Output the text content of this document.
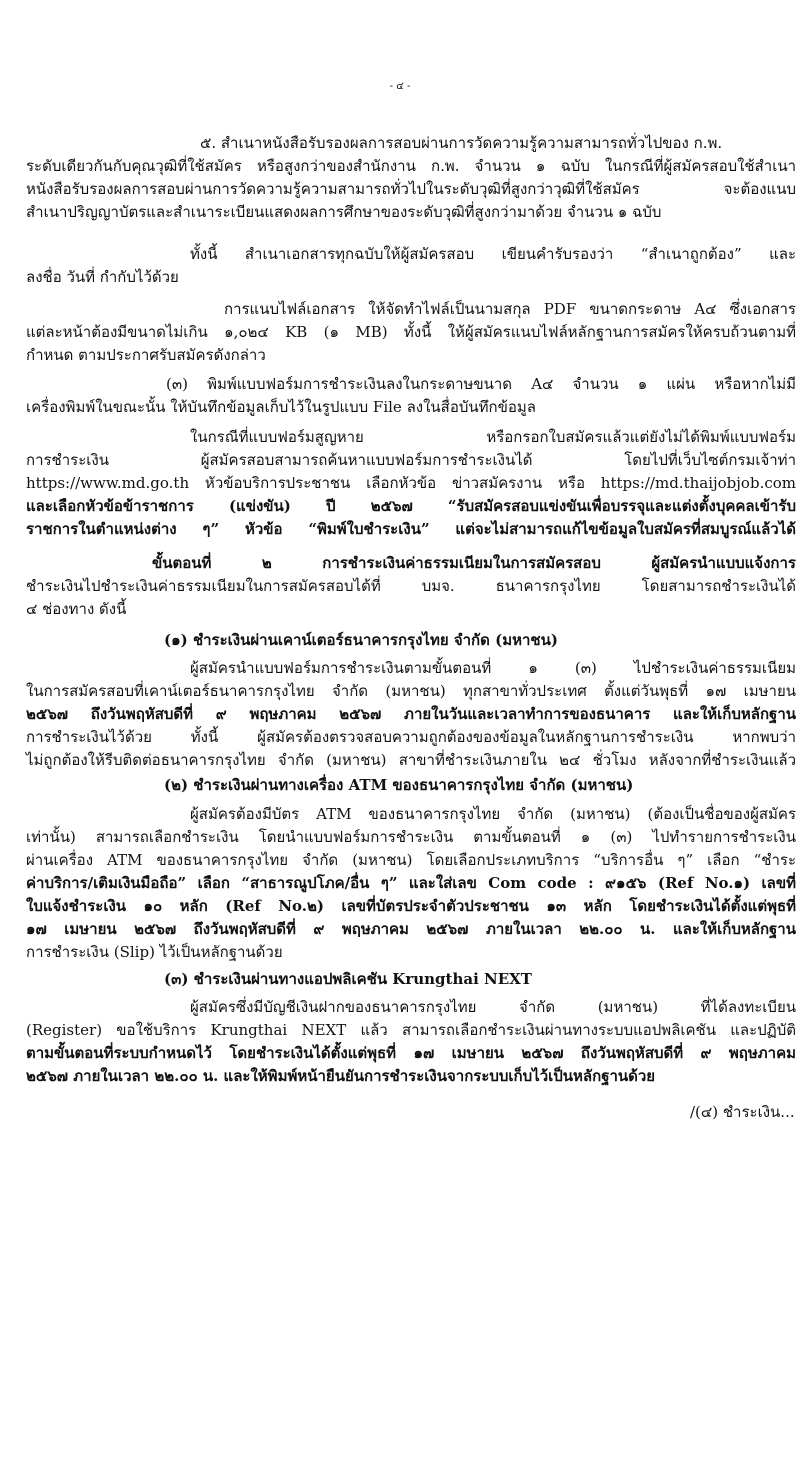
- ๔ -
๕. สำเนาหนังสือรับรองผลการสอบผ่านการวัดความรู้ความสามารถทั่วไปของ ก.พ.
ระดับเดียวกันกับคุณวุฒิที่ใช้สมัคร หรือสูงกว่าของสำนักงาน ก.พ. จำนวน ๑ ฉบับ ในกรณีที่ผู้สมัครสอบใช้สำเนา
หนังสือรับรองผลการสอบผ่านการวัดความรู้ความสามารถทั่วไปในระดับวุฒิที่สูงกว่าวุฒิที่ใช้สมัคร จะต้องแนบ
สำเนาปริญญาบัตรและสำเนาระเบียนแสดงผลการศึกษาของระดับวุฒิที่สูงกว่ามาด้วย จำนวน ๑ ฉบับ
ทั้งนี้ สำเนาเอกสารทุกฉบับให้ผู้สมัครสอบ เขียนคำรับรองว่า “สำเนาถูกต้อง” และ
ลงชื่อ วันที่ กำกับไว้ด้วย
การแนบไฟล์เอกสาร ให้จัดทำไฟล์เป็นนามสกุล PDF ขนาดกระดาษ A๔ ซึ่งเอกสาร
แต่ละหน้าต้องมีขนาดไม่เกิน ๑,๐๒๔ KB (๑ MB) ทั้งนี้ ให้ผู้สมัครแนบไฟล์หลักฐานการสมัครให้ครบถ้วนตามที่
กำหนด ตามประกาศรับสมัครดังกล่าว
(๓) พิมพ์แบบฟอร์มการชำระเงินลงในกระดาษขนาด A๔ จำนวน ๑ แผ่น หรือหากไม่มี
เครื่องพิมพ์ในขณะนั้น ให้บันทึกข้อมูลเก็บไว้ในรูปแบบ File ลงในสื่อบันทึกข้อมูล
ในกรณีที่แบบฟอร์มสูญหาย หรือกรอกใบสมัครแล้วแต่ยังไม่ได้พิมพ์แบบฟอร์ม
การชำระเงิน ผู้สมัครสอบสามารถค้นหาแบบฟอร์มการชำระเงินได้ โดยไปที่เว็บไซต์กรมเจ้าท่า
https://www.md.go.th หัวข้อบริการประชาชน เลือกหัวข้อ ข่าวสมัครงาน หรือ https://md.thaijobjob.com
และเลือกหัวข้อข้าราชการ (แข่งขัน) ปี ๒๕๖๗ “รับสมัครสอบแข่งขันเพื่อบรรจุและแต่งตั้งบุคคลเข้ารับ
ราชการในตำแหน่งต่าง ๆ” หัวข้อ “พิมพ์ใบชำระเงิน” แต่จะไม่สามารถแก้ไขข้อมูลใบสมัครที่สมบูรณ์แล้วได้
ขั้นตอนที่ ๒ การชำระเงินค่าธรรมเนียมในการสมัครสอบ ผู้สมัครนำแบบแจ้งการ
ชำระเงินไปชำระเงินค่าธรรมเนียมในการสมัครสอบได้ที่ บมจ. ธนาคารกรุงไทย โดยสามารถชำระเงินได้
๔ ช่องทาง ดังนี้
(๑) ชำระเงินผ่านเคาน์เตอร์ธนาคารกรุงไทย จำกัด (มหาชน)
ผู้สมัครนำแบบฟอร์มการชำระเงินตามขั้นตอนที่ ๑ (๓) ไปชำระเงินค่าธรรมเนียม
ในการสมัครสอบที่เคาน์เตอร์ธนาคารกรุงไทย จำกัด (มหาชน) ทุกสาขาทั่วประเทศ ตั้งแต่วันพุธที่ ๑๗ เมษายน
๒๕๖๗ ถึงวันพฤหัสบดีที่ ๙ พฤษภาคม ๒๕๖๗ ภายในวันและเวลาทำการของธนาคาร และให้เก็บหลักฐาน
การชำระเงินไว้ด้วย ทั้งนี้ ผู้สมัครต้องตรวจสอบความถูกต้องของข้อมูลในหลักฐานการชำระเงิน หากพบว่า
ไม่ถูกต้องให้รีบติดต่อธนาคารกรุงไทย จำกัด (มหาชน) สาขาที่ชำระเงินภายใน ๒๔ ชั่วโมง หลังจากที่ชำระเงินแล้ว
(๒) ชำระเงินผ่านทางเครื่อง ATM ของธนาคารกรุงไทย จำกัด (มหาชน)
ผู้สมัครต้องมีบัตร ATM ของธนาคารกรุงไทย จำกัด (มหาชน) (ต้องเป็นชื่อของผู้สมัคร
เท่านั้น) สามารถเลือกชำระเงิน โดยนำแบบฟอร์มการชำระเงิน ตามขั้นตอนที่ ๑ (๓) ไปทำรายการชำระเงิน
ผ่านเครื่อง ATM ของธนาคารกรุงไทย จำกัด (มหาชน) โดยเลือกประเภทบริการ “บริการอื่น ๆ” เลือก “ชำระ
ค่าบริการ/เติมเงินมือถือ” เลือก “สาธารณูปโภค/อื่น ๆ” และใส่เลข Com code : ๙๑๕๖ (Ref No.๑) เลขที่
ใบแจ้งชำระเงิน ๑๐ หลัก (Ref No.๒) เลขที่บัตรประจำตัวประชาชน ๑๓ หลัก โดยชำระเงินได้ตั้งแต่พุธที่
๑๗ เมษายน ๒๕๖๗ ถึงวันพฤหัสบดีที่ ๙ พฤษภาคม ๒๕๖๗ ภายในเวลา ๒๒.๐๐ น. และให้เก็บหลักฐาน
การชำระเงิน (Slip) ไว้เป็นหลักฐานด้วย
(๓) ชำระเงินผ่านทางแอปพลิเคชัน Krungthai NEXT
ผู้สมัครซึ่งมีบัญชีเงินฝากของธนาคารกรุงไทย จำกัด (มหาชน) ที่ได้ลงทะเบียน
(Register) ขอใช้บริการ Krungthai NEXT แล้ว สามารถเลือกชำระเงินผ่านทางระบบแอปพลิเคชัน และปฏิบัติ
ตามขั้นตอนที่ระบบกำหนดไว้ โดยชำระเงินได้ตั้งแต่พุธที่ ๑๗ เมษายน ๒๕๖๗ ถึงวันพฤหัสบดีที่ ๙ พฤษภาคม
๒๕๖๗ ภายในเวลา ๒๒.๐๐ น. และให้พิมพ์หน้ายืนยันการชำระเงินจากระบบเก็บไว้เป็นหลักฐานด้วย
/(๔) ชำระเงิน...
